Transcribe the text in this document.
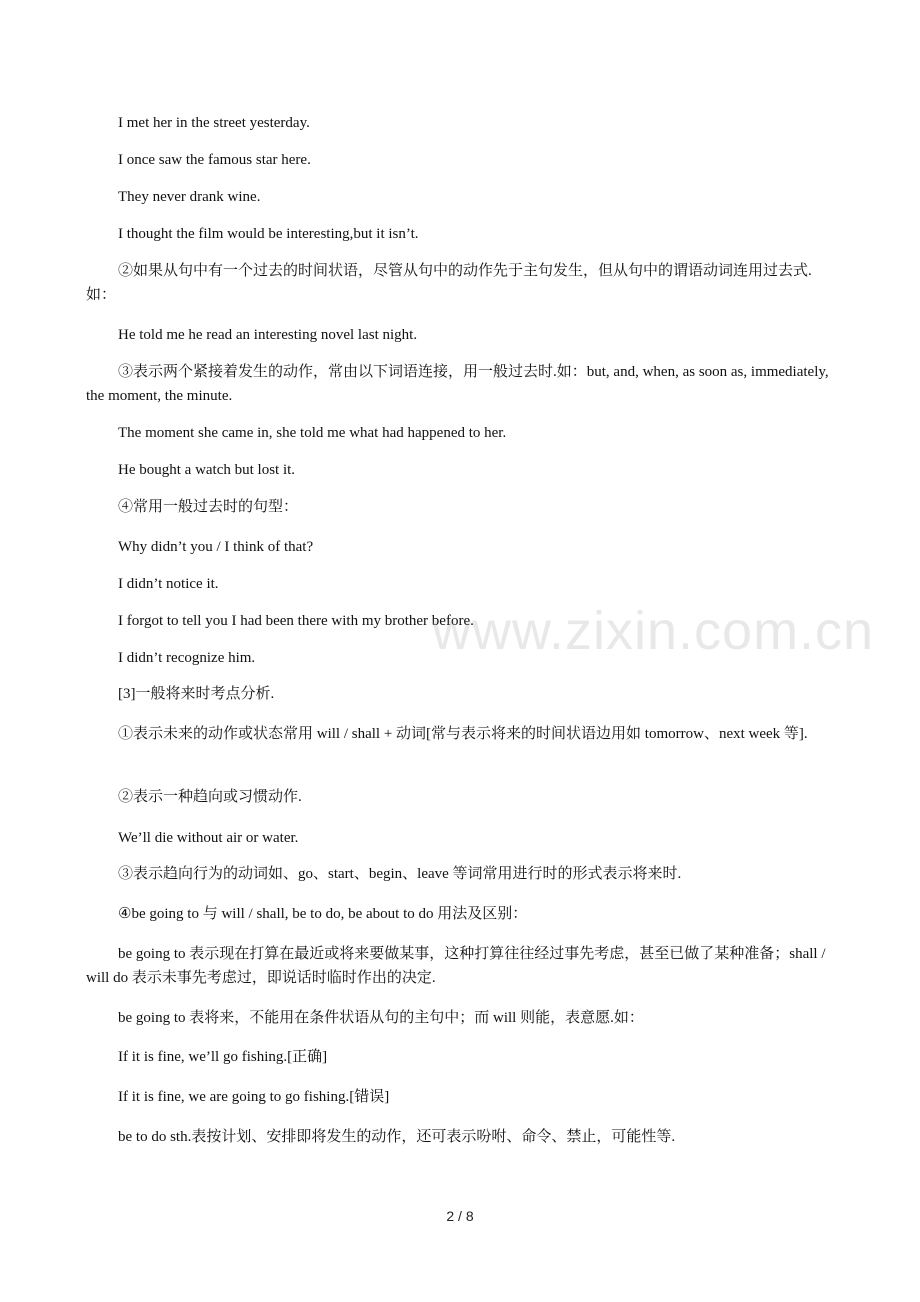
I met her in the street yesterday.

I once saw the famous star here.

They never drank wine.

I thought the film would be interesting,but it isn’t.

②如果从句中有一个过去的时间状语，尽管从句中的动作先于主句发生，但从句中的谓语动词连用过去式.如：

He told me he read an interesting novel last night.

③表示两个紧接着发生的动作，常由以下词语连接，用一般过去时.如：but, and, when, as soon as, immediately, the moment, the minute.

The moment she came in, she told me what had happened to her.

He bought a watch but lost it.

④常用一般过去时的句型：

Why didn’t you / I think of that?

I didn’t notice it.

I forgot to tell you I had been there with my brother before.

I didn’t recognize him.

[3]一般将来时考点分析.

①表示未来的动作或状态常用 will / shall + 动词[常与表示将来的时间状语边用如 tomorrow、next week 等].

②表示一种趋向或习惯动作.

We’ll die without air or water.

③表示趋向行为的动词如、go、start、begin、leave 等词常用进行时的形式表示将来时.

④be going to 与 will / shall, be to do, be about to do 用法及区别：

be going to 表示现在打算在最近或将来要做某事，这种打算往往经过事先考虑，甚至已做了某种准备；shall / will do 表示未事先考虑过，即说话时临时作出的决定.

be going to 表将来，不能用在条件状语从句的主句中；而 will 则能，表意愿.如：

If it is fine, we’ll go fishing.[正确]

If it is fine, we are going to go fishing.[错误]

be to do sth.表按计划、安排即将发生的动作，还可表示吩咐、命令、禁止，可能性等.

www.zixin.com.cn
2 / 8
